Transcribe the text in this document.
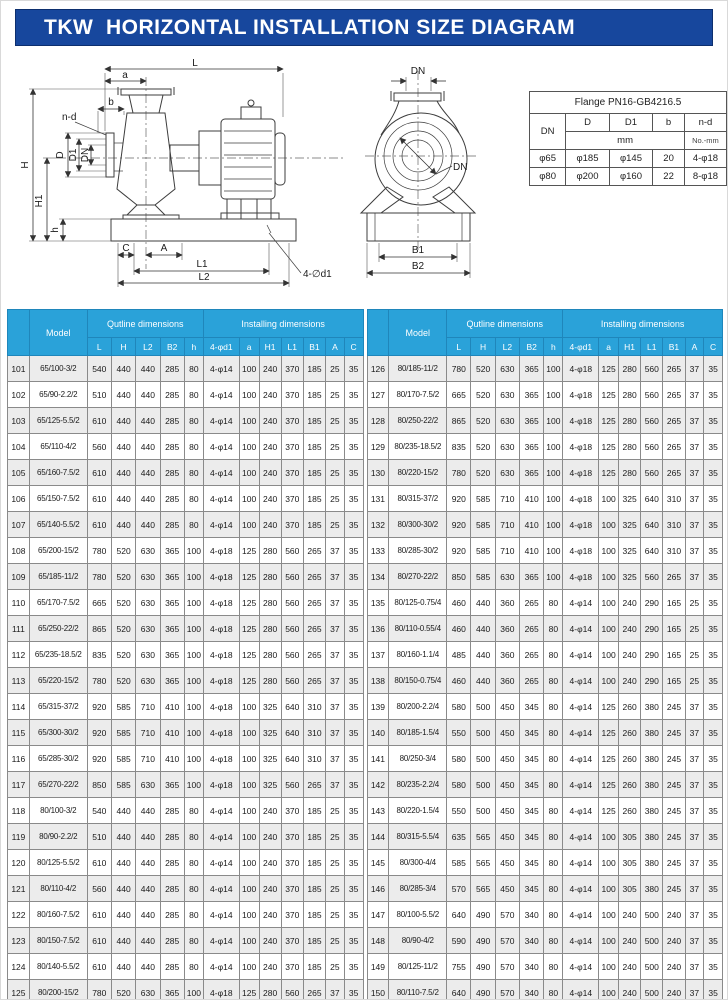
TKW  HORIZONTAL INSTALLATION SIZE DIAGRAM
L
a
b
n-d
D D1 DN
H
H1
h
C	A
L1
L2	4-∅d1
DN
DN
B1
B2
Flange PN16-GB4216.5				
DN	D	D1	b	n-d
	mm			No.-mm
φ65	φ185	φ145	20	4-φ18
φ80	φ200	φ160	22	8-φ18
	Model	Qutline dimensions					Installing dimensions						
		L	H	L2	B2	h	4-φd1	a	H1	L1	B1	A	C
101	65/100-3/2	540	440	440	285	80	4-φ14	100	240	370	185	25	35
102	65/90-2.2/2	510	440	440	285	80	4-φ14	100	240	370	185	25	35
103	65/125-5.5/2	610	440	440	285	80	4-φ14	100	240	370	185	25	35
104	65/110-4/2	560	440	440	285	80	4-φ14	100	240	370	185	25	35
105	65/160-7.5/2	610	440	440	285	80	4-φ14	100	240	370	185	25	35
106	65/150-7.5/2	610	440	440	285	80	4-φ14	100	240	370	185	25	35
107	65/140-5.5/2	610	440	440	285	80	4-φ14	100	240	370	185	25	35
108	65/200-15/2	780	520	630	365	100	4-φ18	125	280	560	265	37	35
109	65/185-11/2	780	520	630	365	100	4-φ18	125	280	560	265	37	35
110	65/170-7.5/2	665	520	630	365	100	4-φ18	125	280	560	265	37	35
111	65/250-22/2	865	520	630	365	100	4-φ18	125	280	560	265	37	35
112	65/235-18.5/2	835	520	630	365	100	4-φ18	125	280	560	265	37	35
113	65/220-15/2	780	520	630	365	100	4-φ18	125	280	560	265	37	35
114	65/315-37/2	920	585	710	410	100	4-φ18	100	325	640	310	37	35
115	65/300-30/2	920	585	710	410	100	4-φ18	100	325	640	310	37	35
116	65/285-30/2	920	585	710	410	100	4-φ18	100	325	640	310	37	35
117	65/270-22/2	850	585	630	365	100	4-φ18	100	325	560	265	37	35
118	80/100-3/2	540	440	440	285	80	4-φ14	100	240	370	185	25	35
119	80/90-2.2/2	510	440	440	285	80	4-φ14	100	240	370	185	25	35
120	80/125-5.5/2	610	440	440	285	80	4-φ14	100	240	370	185	25	35
121	80/110-4/2	560	440	440	285	80	4-φ14	100	240	370	185	25	35
122	80/160-7.5/2	610	440	440	285	80	4-φ14	100	240	370	185	25	35
123	80/150-7.5/2	610	440	440	285	80	4-φ14	100	240	370	185	25	35
124	80/140-5.5/2	610	440	440	285	80	4-φ14	100	240	370	185	25	35
125	80/200-15/2	780	520	630	365	100	4-φ18	125	280	560	265	37	35
	Model	Qutline dimensions					Installing dimensions						
		L	H	L2	B2	h	4-φd1	a	H1	L1	B1	A	C
126	80/185-11/2	780	520	630	365	100	4-φ18	125	280	560	265	37	35
127	80/170-7.5/2	665	520	630	365	100	4-φ18	125	280	560	265	37	35
128	80/250-22/2	865	520	630	365	100	4-φ18	125	280	560	265	37	35
129	80/235-18.5/2	835	520	630	365	100	4-φ18	125	280	560	265	37	35
130	80/220-15/2	780	520	630	365	100	4-φ18	125	280	560	265	37	35
131	80/315-37/2	920	585	710	410	100	4-φ18	100	325	640	310	37	35
132	80/300-30/2	920	585	710	410	100	4-φ18	100	325	640	310	37	35
133	80/285-30/2	920	585	710	410	100	4-φ18	100	325	640	310	37	35
134	80/270-22/2	850	585	630	365	100	4-φ18	100	325	560	265	37	35
135	80/125-0.75/4	460	440	360	265	80	4-φ14	100	240	290	165	25	35
136	80/110-0.55/4	460	440	360	265	80	4-φ14	100	240	290	165	25	35
137	80/160-1.1/4	485	440	360	265	80	4-φ14	100	240	290	165	25	35
138	80/150-0.75/4	460	440	360	265	80	4-φ14	100	240	290	165	25	35
139	80/200-2.2/4	580	500	450	345	80	4-φ14	125	260	380	245	37	35
140	80/185-1.5/4	550	500	450	345	80	4-φ14	125	260	380	245	37	35
141	80/250-3/4	580	500	450	345	80	4-φ14	125	260	380	245	37	35
142	80/235-2.2/4	580	500	450	345	80	4-φ14	125	260	380	245	37	35
143	80/220-1.5/4	550	500	450	345	80	4-φ14	125	260	380	245	37	35
144	80/315-5.5/4	635	565	450	345	80	4-φ14	100	305	380	245	37	35
145	80/300-4/4	585	565	450	345	80	4-φ14	100	305	380	245	37	35
146	80/285-3/4	570	565	450	345	80	4-φ14	100	305	380	245	37	35
147	80/100-5.5/2	640	490	570	340	80	4-φ14	100	240	500	240	37	35
148	80/90-4/2	590	490	570	340	80	4-φ14	100	240	500	240	37	35
149	80/125-11/2	755	490	570	340	80	4-φ14	100	240	500	240	37	35
150	80/110-7.5/2	640	490	570	340	80	4-φ14	100	240	500	240	37	35
